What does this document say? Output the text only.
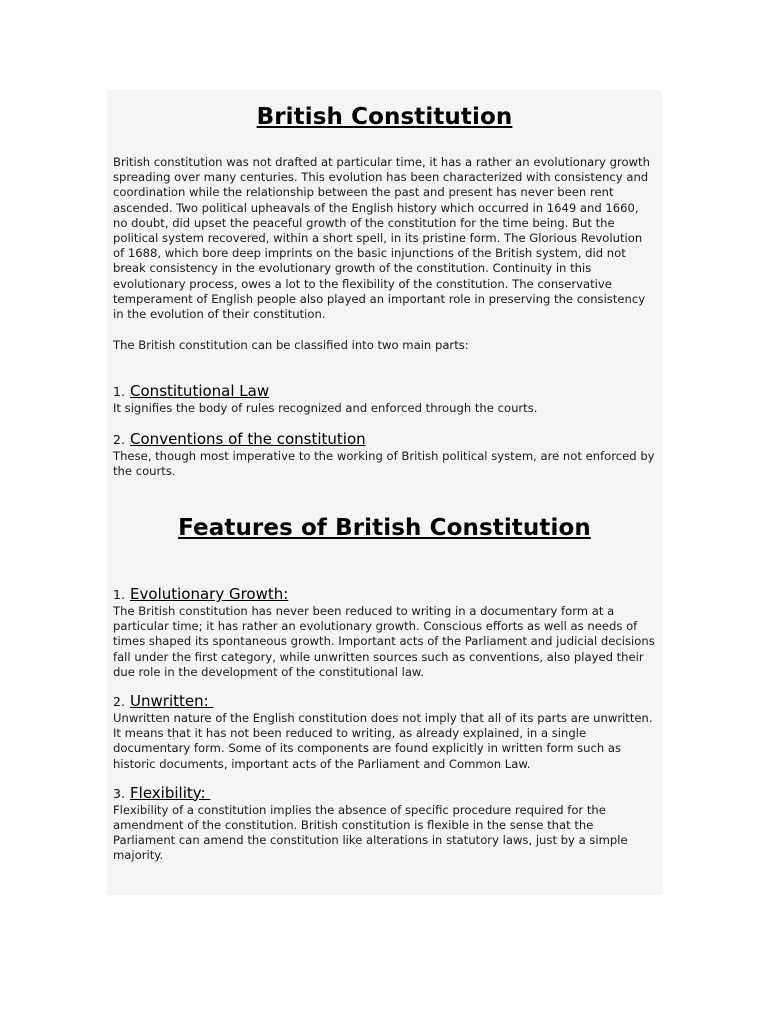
British Constitution

British constitution was not drafted at particular time, it has a rather an evolutionary growth spreading over many centuries. This evolution has been characterized with consistency and coordination while the relationship between the past and present has never been rent ascended. Two political upheavals of the English history which occurred in 1649 and 1660, no doubt, did upset the peaceful growth of the constitution for the time being. But the political system recovered, within a short spell, in its pristine form. The Glorious Revolution of 1688, which bore deep imprints on the basic injunctions of the British system, did not break consistency in the evolutionary growth of the constitution. Continuity in this evolutionary process, owes a lot to the flexibility of the constitution. The conservative temperament of English people also played an important role in preserving the consistency in the evolution of their constitution.

The British constitution can be classified into two main parts:

1. Constitutional Law

It signifies the body of rules recognized and enforced through the courts.

2. Conventions of the constitution

These, though most imperative to the working of British political system, are not enforced by the courts.

Features of British Constitution
1. Evolutionary Growth:

The British constitution has never been reduced to writing in a documentary form at a particular time; it has rather an evolutionary growth. Conscious efforts as well as needs of times shaped its spontaneous growth. Important acts of the Parliament and judicial decisions fall under the first category, while unwritten sources such as conventions, also played their due role in the development of the constitutional law.

2. Unwritten:

Unwritten nature of the English constitution does not imply that all of its parts are unwritten. It means that it has not been reduced to writing, as already explained, in a single documentary form. Some of its components are found explicitly in written form such as historic documents, important acts of the Parliament and Common Law.

3. Flexibility:

Flexibility of a constitution implies the absence of specific procedure required for the amendment of the constitution. British constitution is flexible in the sense that the Parliament can amend the constitution like alterations in statutory laws, just by a simple majority.
